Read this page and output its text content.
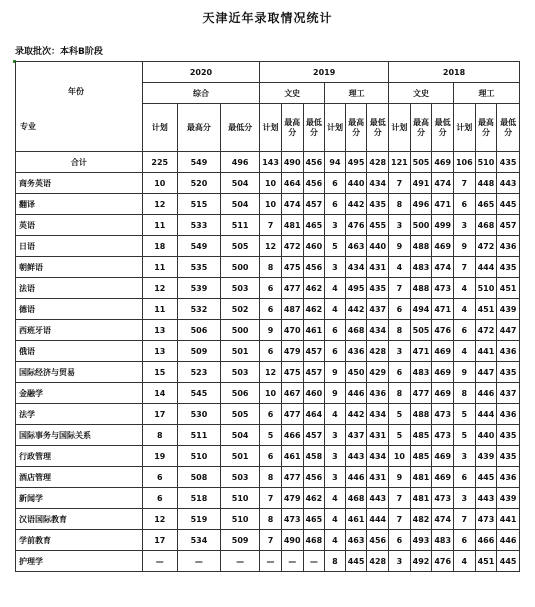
天津近年录取情况统计
录取批次：本科B阶段
年份
专业	2020			2019						2018					
	综合			文史			理工			文史			理工		
	计划	最高分	最低分	计划	最高分	最低分	计划	最高分	最低分	计划	最高分	最低分	计划	最高分	最低分
合计	225	549	496	143	490	456	94	495	428	121	505	469	106	510	435
商务英语	10	520	504	10	464	456	6	440	434	7	491	474	7	448	443
翻译	12	515	504	10	474	457	6	442	435	8	496	471	6	465	445
英语	11	533	511	7	481	465	3	476	455	3	500	499	3	468	457
日语	18	549	505	12	472	460	5	463	440	9	488	469	9	472	436
朝鲜语	11	535	500	8	475	456	3	434	431	4	483	474	7	444	435
法语	12	539	503	6	477	462	4	495	435	7	488	473	4	510	451
德语	11	532	502	6	487	462	4	442	437	6	494	471	4	451	439
西班牙语	13	506	500	9	470	461	6	468	434	8	505	476	6	472	447
俄语	13	509	501	6	479	457	6	436	428	3	471	469	4	441	436
国际经济与贸易	15	523	503	12	475	457	9	450	429	6	483	469	9	447	435
金融学	14	545	506	10	467	460	9	446	436	8	477	469	8	446	437
法学	17	530	505	6	477	464	4	442	434	5	488	473	5	444	436
国际事务与国际关系	8	511	504	5	466	457	3	437	431	5	485	473	5	440	435
行政管理	19	510	501	6	461	458	3	443	434	10	485	469	3	439	435
酒店管理	6	508	503	8	477	456	3	446	431	9	481	469	6	445	436
新闻学	6	518	510	7	479	462	4	468	443	7	481	473	3	443	439
汉语国际教育	12	519	510	8	473	465	4	461	444	7	482	474	7	473	441
学前教育	17	534	509	7	490	468	4	463	456	6	493	483	6	466	446
护理学	—	—	—	—	—	—	8	445	428	3	492	476	4	451	445
